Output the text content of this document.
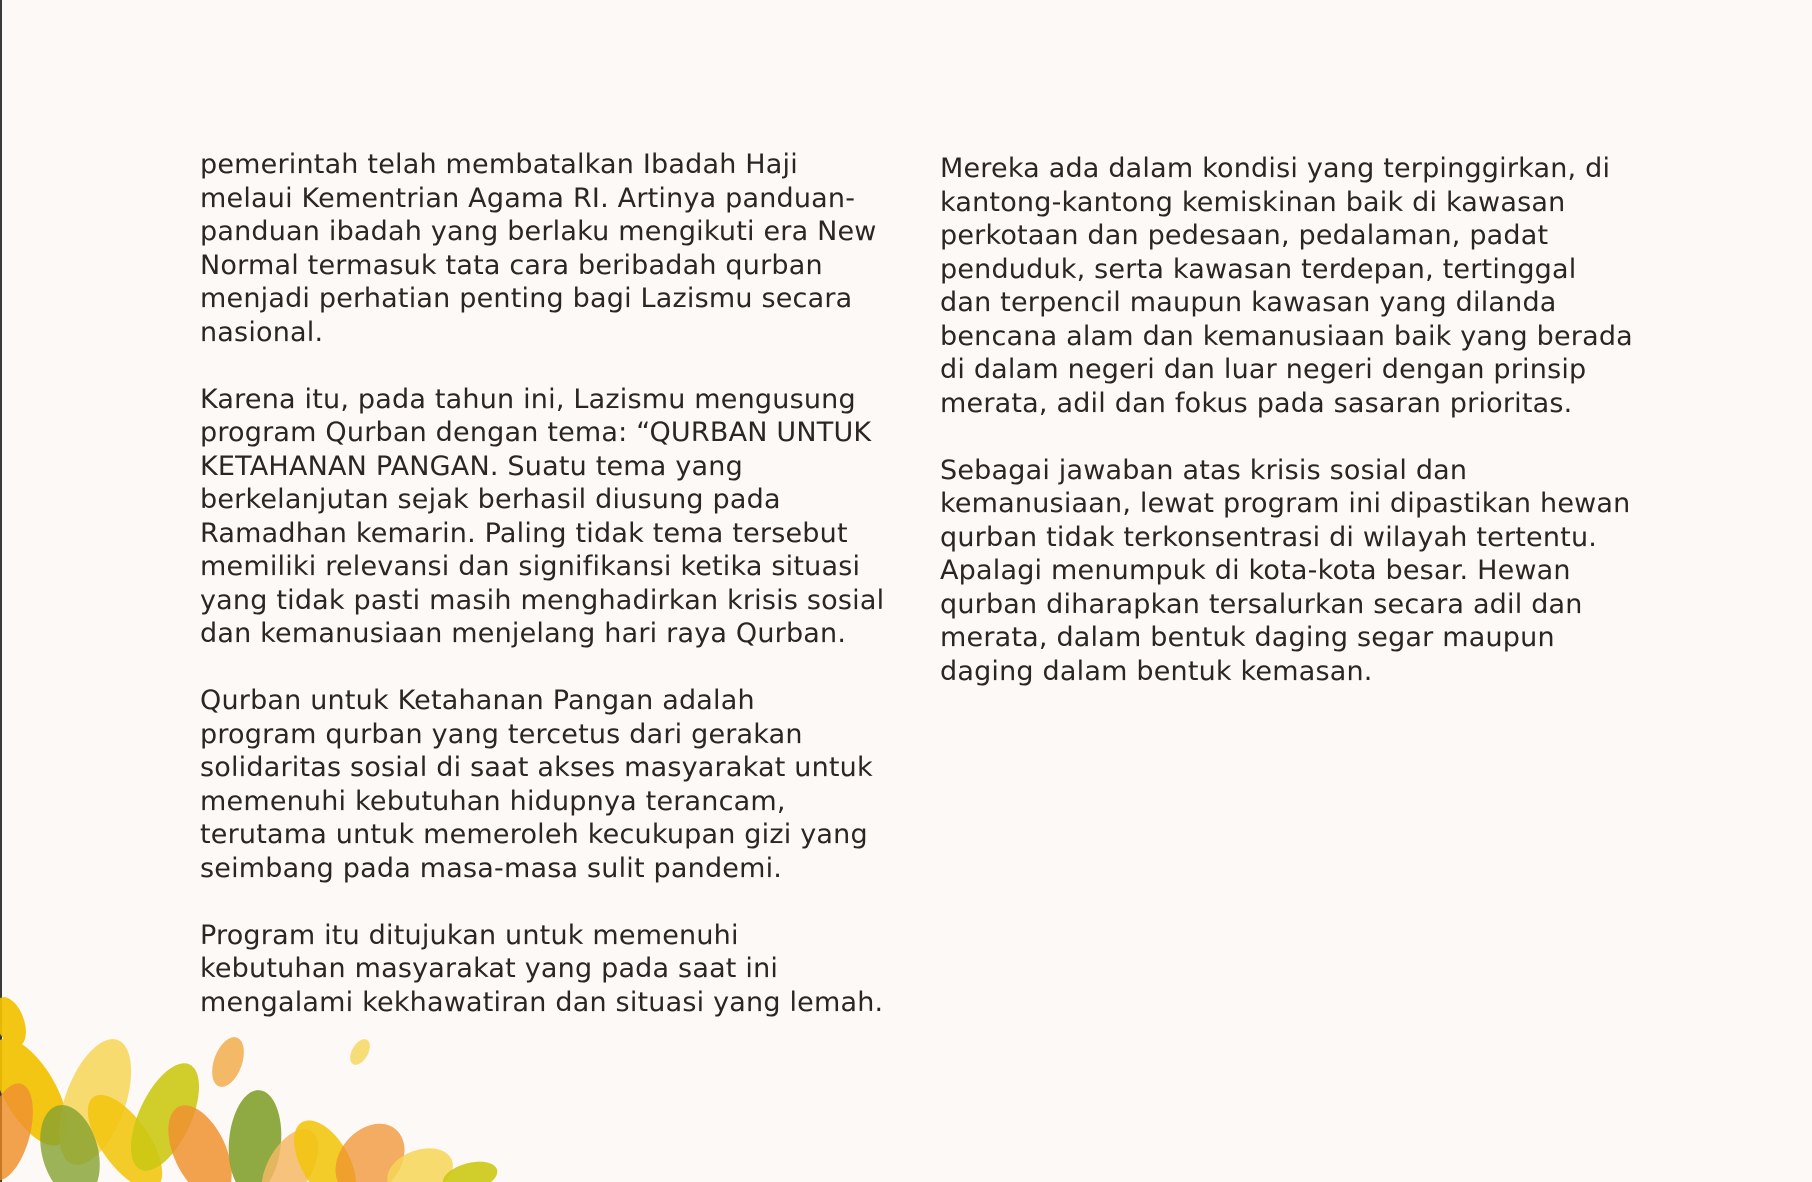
pemerintah telah membatalkan Ibadah Haji
melaui Kementrian Agama RI. Artinya panduan-
panduan ibadah yang berlaku mengikuti era New
Normal termasuk tata cara beribadah qurban
menjadi perhatian penting bagi Lazismu secara
nasional.

Karena itu, pada tahun ini, Lazismu mengusung
program Qurban dengan tema: “QURBAN UNTUK
KETAHANAN PANGAN. Suatu tema yang
berkelanjutan sejak berhasil diusung pada
Ramadhan kemarin. Paling tidak tema tersebut
memiliki relevansi dan signifikansi ketika situasi
yang tidak pasti masih menghadirkan krisis sosial
dan kemanusiaan menjelang hari raya Qurban.

Qurban untuk Ketahanan Pangan adalah
program qurban yang tercetus dari gerakan
solidaritas sosial di saat akses masyarakat untuk
memenuhi kebutuhan hidupnya terancam,
terutama untuk memeroleh kecukupan gizi yang
seimbang pada masa-masa sulit pandemi.

Program itu ditujukan untuk memenuhi
kebutuhan masyarakat yang pada saat ini
mengalami kekhawatiran dan situasi yang lemah.

Mereka ada dalam kondisi yang terpinggirkan, di
kantong-kantong kemiskinan baik di kawasan
perkotaan dan pedesaan, pedalaman, padat
penduduk, serta kawasan terdepan, tertinggal
dan terpencil maupun kawasan yang dilanda
bencana alam dan kemanusiaan baik yang berada
di dalam negeri dan luar negeri dengan prinsip
merata, adil dan fokus pada sasaran prioritas.

Sebagai jawaban atas krisis sosial dan
kemanusiaan, lewat program ini dipastikan hewan
qurban tidak terkonsentrasi di wilayah tertentu.
Apalagi menumpuk di kota-kota besar. Hewan
qurban diharapkan tersalurkan secara adil dan
merata, dalam bentuk daging segar maupun
daging dalam bentuk kemasan.
